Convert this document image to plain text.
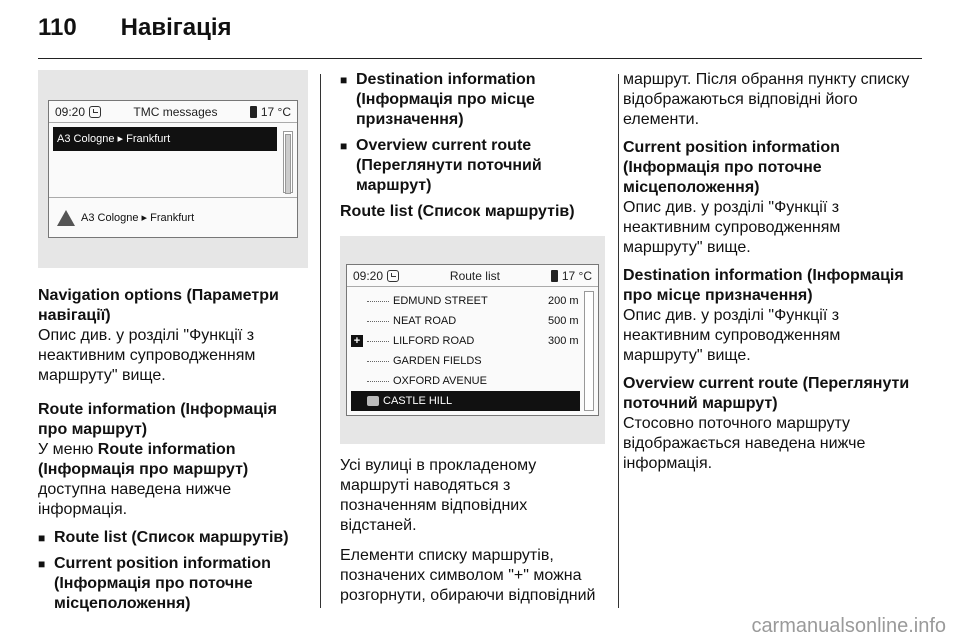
110 Навігація
09:20	TMC messages	17 °C
A3 Cologne ▸ Frankfurt
A3 Cologne ▸ Frankfurt
Navigation options (Параметри навігації)
Опис див. у розділі "Функції з неактивним супроводженням маршруту" вище.
Route information (Інформація про маршрут)
У меню Route information (Інформація про маршрут) доступна наведена нижче інформація.
■ Route list (Список маршрутів)
■ Current position information (Інформація про поточне місцеположення)
■ Destination information (Інформація про місце призначення)
■ Overview current route (Переглянути поточний маршрут)
Route list (Список маршрутів)
09:20	Route list	17 °C
EDMUND STREET	200 m
NEAT ROAD	500 m
+	LILFORD ROAD	300 m
GARDEN FIELDS
OXFORD AVENUE
CASTLE HILL
Усі вулиці в прокладеному маршруті наводяться з позначенням відповідних відстаней.
Елементи списку маршрутів, позначених символом "+" можна розгорнути, обираючи відповідний
маршрут. Після обрання пункту списку відображаються відповідні його елементи.
Current position information (Інформація про поточне місцеположення)
Опис див. у розділі "Функції з неактивним супроводженням маршруту" вище.
Destination information (Інформація про місце призначення)
Опис див. у розділі "Функції з неактивним супроводженням маршруту" вище.
Overview current route (Переглянути поточний маршрут)
Стосовно поточного маршруту відображається наведена нижче інформація.
carmanualsonline.info
